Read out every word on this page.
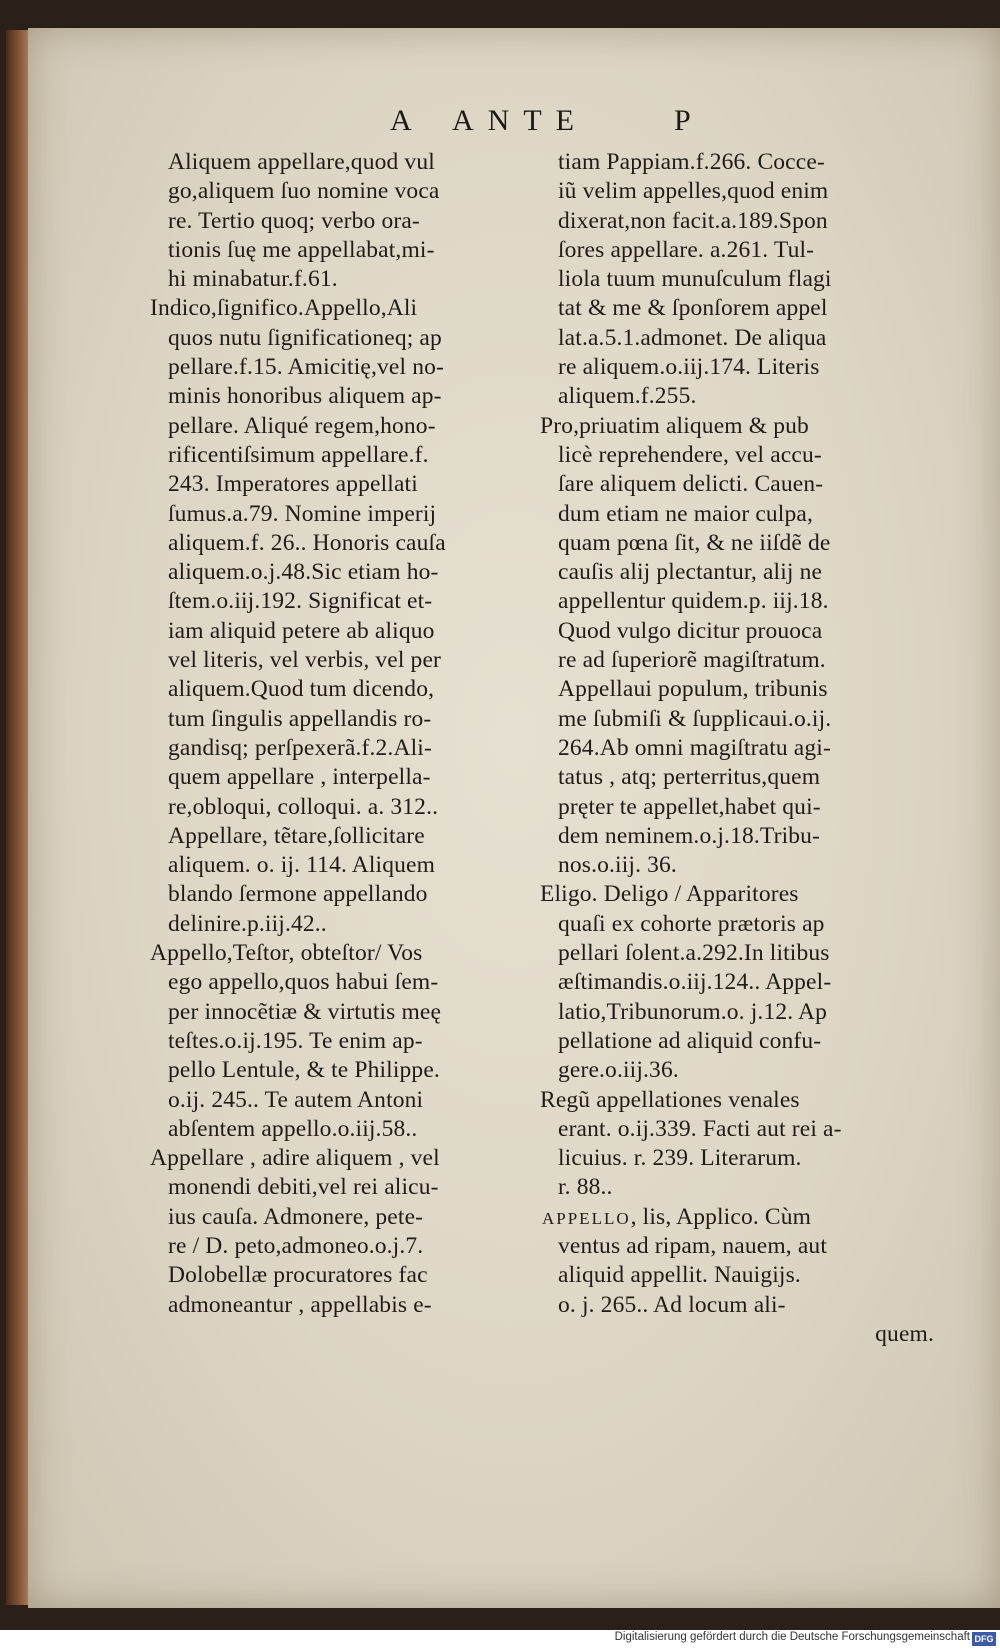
A ANTE	P
Aliquem appellare,quod vul
go,aliquem ſuo nomine voca
re. Tertio quoq; verbo ora-
tionis ſuę me appellabat,mi-
hi minabatur.f.61.
Indico,ſignifico.Appello,Ali
quos nutu ſignificationeq; ap
pellare.f.15. Amicitię,vel no-
minis honoribus aliquem ap-
pellare. Aliqué regem,hono-
rificentiſsimum appellare.f.
243. Imperatores appellati
ſumus.a.79. Nomine imperij
aliquem.f. 26.. Honoris cauſa
aliquem.o.j.48.Sic etiam ho-
ſtem.o.iij.192. Significat et-
iam aliquid petere ab aliquo
vel literis, vel verbis, vel per
aliquem.Quod tum dicendo,
tum ſingulis appellandis ro-
gandisq; perſpexerã.f.2.Ali-
quem appellare , interpella-
re,obloqui, colloqui. a. 312..
Appellare, tẽtare,ſollicitare
aliquem. o. ij. 114. Aliquem
blando ſermone appellando
delinire.p.iij.42..
Appello,Teſtor, obteſtor/ Vos
ego appello,quos habui ſem-
per innocẽtiæ & virtutis meę
teſtes.o.ij.195. Te enim ap-
pello Lentule, & te Philippe.
o.ij. 245.. Te autem Antoni
abſentem appello.o.iij.58..
Appellare , adire aliquem , vel
monendi debiti,vel rei alicu-
ius cauſa. Admonere, pete-
re / D. peto,admoneo.o.j.7.
Dolobellæ procuratores fac
admoneantur , appellabis e-
tiam Pappiam.f.266. Cocce-
iũ velim appelles,quod enim
dixerat,non facit.a.189.Spon
ſores appellare. a.261. Tul-
liola tuum munuſculum flagi
tat & me & ſponſorem appel
lat.a.5.1.admonet. De aliqua
re aliquem.o.iij.174. Literis
aliquem.f.255.
Pro,priuatim aliquem & pub
licè reprehendere, vel accu-
ſare aliquem delicti. Cauen-
dum etiam ne maior culpa,
quam pœna ſit, & ne iiſdẽ de
cauſis alij plectantur, alij ne
appellentur quidem.p. iij.18.
Quod vulgo dicitur prouoca
re ad ſuperiorẽ magiſtratum.
Appellaui populum, tribunis
me ſubmiſi & ſupplicaui.o.ij.
264.Ab omni magiſtratu agi-
tatus , atq; perterritus,quem
pręter te appellet,habet qui-
dem neminem.o.j.18.Tribu-
nos.o.iij. 36.
Eligo. Deligo / Apparitores
quaſi ex cohorte prætoris ap
pellari ſolent.a.292.In litibus
æſtimandis.o.iij.124.. Appel-
latio,Tribunorum.o. j.12. Ap
pellatione ad aliquid confu-
gere.o.iij.36.
Regũ appellationes venales
erant. o.ij.339. Facti aut rei a-
licuius. r. 239. Literarum.
r. 88..
APPELLO, lis, Applico. Cùm
ventus ad ripam, nauem, aut
aliquid appellit. Nauigijs.
o. j. 265.. Ad locum ali-
quem.
Digitalisierung gefördert durch die Deutsche Forschungsgemeinschaft DFG
